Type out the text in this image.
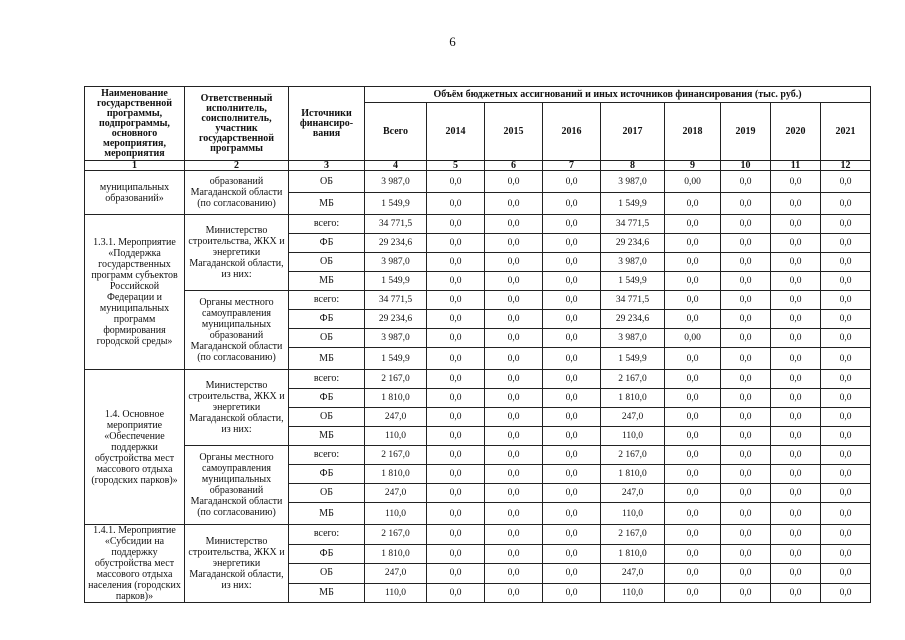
6
Наименование государственной программы, подпрограммы, основного мероприятия, мероприятия	Ответственный исполнитель, соисполнитель, участник государственной программы	Источники финансиро-вания	Объём бюджетных ассигнований и иных источников финансирования (тыс. руб.)								
			Всего	2014	2015	2016	2017	2018	2019	2020	2021
1	2	3	4	5	6	7	8	9	10	11	12
муниципальных образований»	образований Магаданской области (по согласованию)	ОБ	3 987,0	0,0	0,0	0,0	3 987,0	0,00	0,0	0,0	0,0
		МБ	1 549,9	0,0	0,0	0,0	1 549,9	0,0	0,0	0,0	0,0
1.3.1. Мероприятие «Поддержка государственных программ субъектов Российской Федерации и муниципальных программ формирования городской среды»	Министерство строительства, ЖКХ и энергетики Магаданской области, из них:	всего:	34 771,5	0,0	0,0	0,0	34 771,5	0,0	0,0	0,0	0,0
		ФБ	29 234,6	0,0	0,0	0,0	29 234,6	0,0	0,0	0,0	0,0
		ОБ	3 987,0	0,0	0,0	0,0	3 987,0	0,0	0,0	0,0	0,0
		МБ	1 549,9	0,0	0,0	0,0	1 549,9	0,0	0,0	0,0	0,0
	Органы местного самоуправления муниципальных образований Магаданской области (по согласованию)	всего:	34 771,5	0,0	0,0	0,0	34 771,5	0,0	0,0	0,0	0,0
		ФБ	29 234,6	0,0	0,0	0,0	29 234,6	0,0	0,0	0,0	0,0
		ОБ	3 987,0	0,0	0,0	0,0	3 987,0	0,00	0,0	0,0	0,0
		МБ	1 549,9	0,0	0,0	0,0	1 549,9	0,0	0,0	0,0	0,0
1.4. Основное мероприятие «Обеспечение поддержки обустройства мест массового отдыха (городских парков)»	Министерство строительства, ЖКХ и энергетики Магаданской области, из них:	всего:	2 167,0	0,0	0,0	0,0	2 167,0	0,0	0,0	0,0	0,0
		ФБ	1 810,0	0,0	0,0	0,0	1 810,0	0,0	0,0	0,0	0,0
		ОБ	247,0	0,0	0,0	0,0	247,0	0,0	0,0	0,0	0,0
		МБ	110,0	0,0	0,0	0,0	110,0	0,0	0,0	0,0	0,0
	Органы местного самоуправления муниципальных образований Магаданской области (по согласованию)	всего:	2 167,0	0,0	0,0	0,0	2 167,0	0,0	0,0	0,0	0,0
		ФБ	1 810,0	0,0	0,0	0,0	1 810,0	0,0	0,0	0,0	0,0
		ОБ	247,0	0,0	0,0	0,0	247,0	0,0	0,0	0,0	0,0
		МБ	110,0	0,0	0,0	0,0	110,0	0,0	0,0	0,0	0,0
1.4.1. Мероприятие «Субсидии на поддержку обустройства мест массового отдыха населения (городских парков)»	Министерство строительства, ЖКХ и энергетики Магаданской области, из них:	всего:	2 167,0	0,0	0,0	0,0	2 167,0	0,0	0,0	0,0	0,0
		ФБ	1 810,0	0,0	0,0	0,0	1 810,0	0,0	0,0	0,0	0,0
		ОБ	247,0	0,0	0,0	0,0	247,0	0,0	0,0	0,0	0,0
		МБ	110,0	0,0	0,0	0,0	110,0	0,0	0,0	0,0	0,0
